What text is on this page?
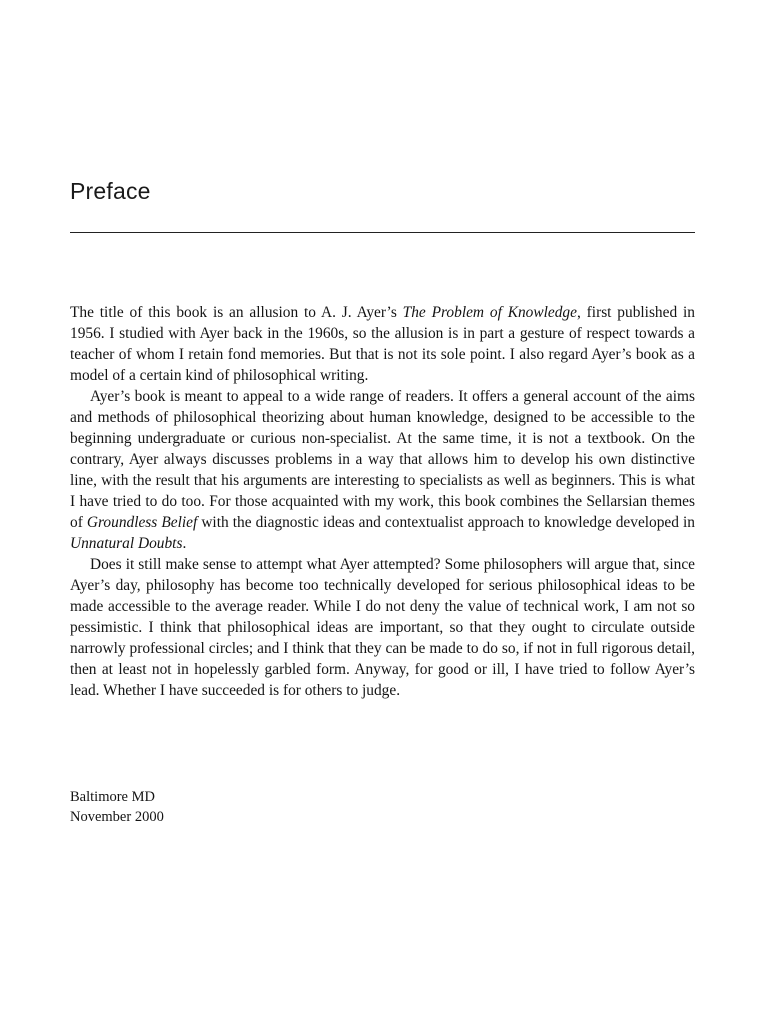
Preface

The title of this book is an allusion to A. J. Ayer’s The Problem of Knowledge, first published in 1956. I studied with Ayer back in the 1960s, so the allusion is in part a gesture of respect towards a teacher of whom I retain fond memories. But that is not its sole point. I also regard Ayer’s book as a model of a certain kind of philosophical writing.

Ayer’s book is meant to appeal to a wide range of readers. It offers a general account of the aims and methods of philosophical theorizing about human knowledge, designed to be accessible to the beginning undergraduate or curious non-specialist. At the same time, it is not a textbook. On the contrary, Ayer always discusses problems in a way that allows him to develop his own distinctive line, with the result that his arguments are interesting to specialists as well as beginners. This is what I have tried to do too. For those acquainted with my work, this book combines the Sellarsian themes of Groundless Belief with the diagnostic ideas and contextualist approach to knowledge developed in Unnatural Doubts.

Does it still make sense to attempt what Ayer attempted? Some philosophers will argue that, since Ayer’s day, philosophy has become too technically developed for serious philosophical ideas to be made accessible to the average reader. While I do not deny the value of technical work, I am not so pessimistic. I think that philosophical ideas are important, so that they ought to circulate outside narrowly professional circles; and I think that they can be made to do so, if not in full rigorous detail, then at least not in hopelessly garbled form. Anyway, for good or ill, I have tried to follow Ayer’s lead. Whether I have succeeded is for others to judge.

Baltimore MD
November 2000
